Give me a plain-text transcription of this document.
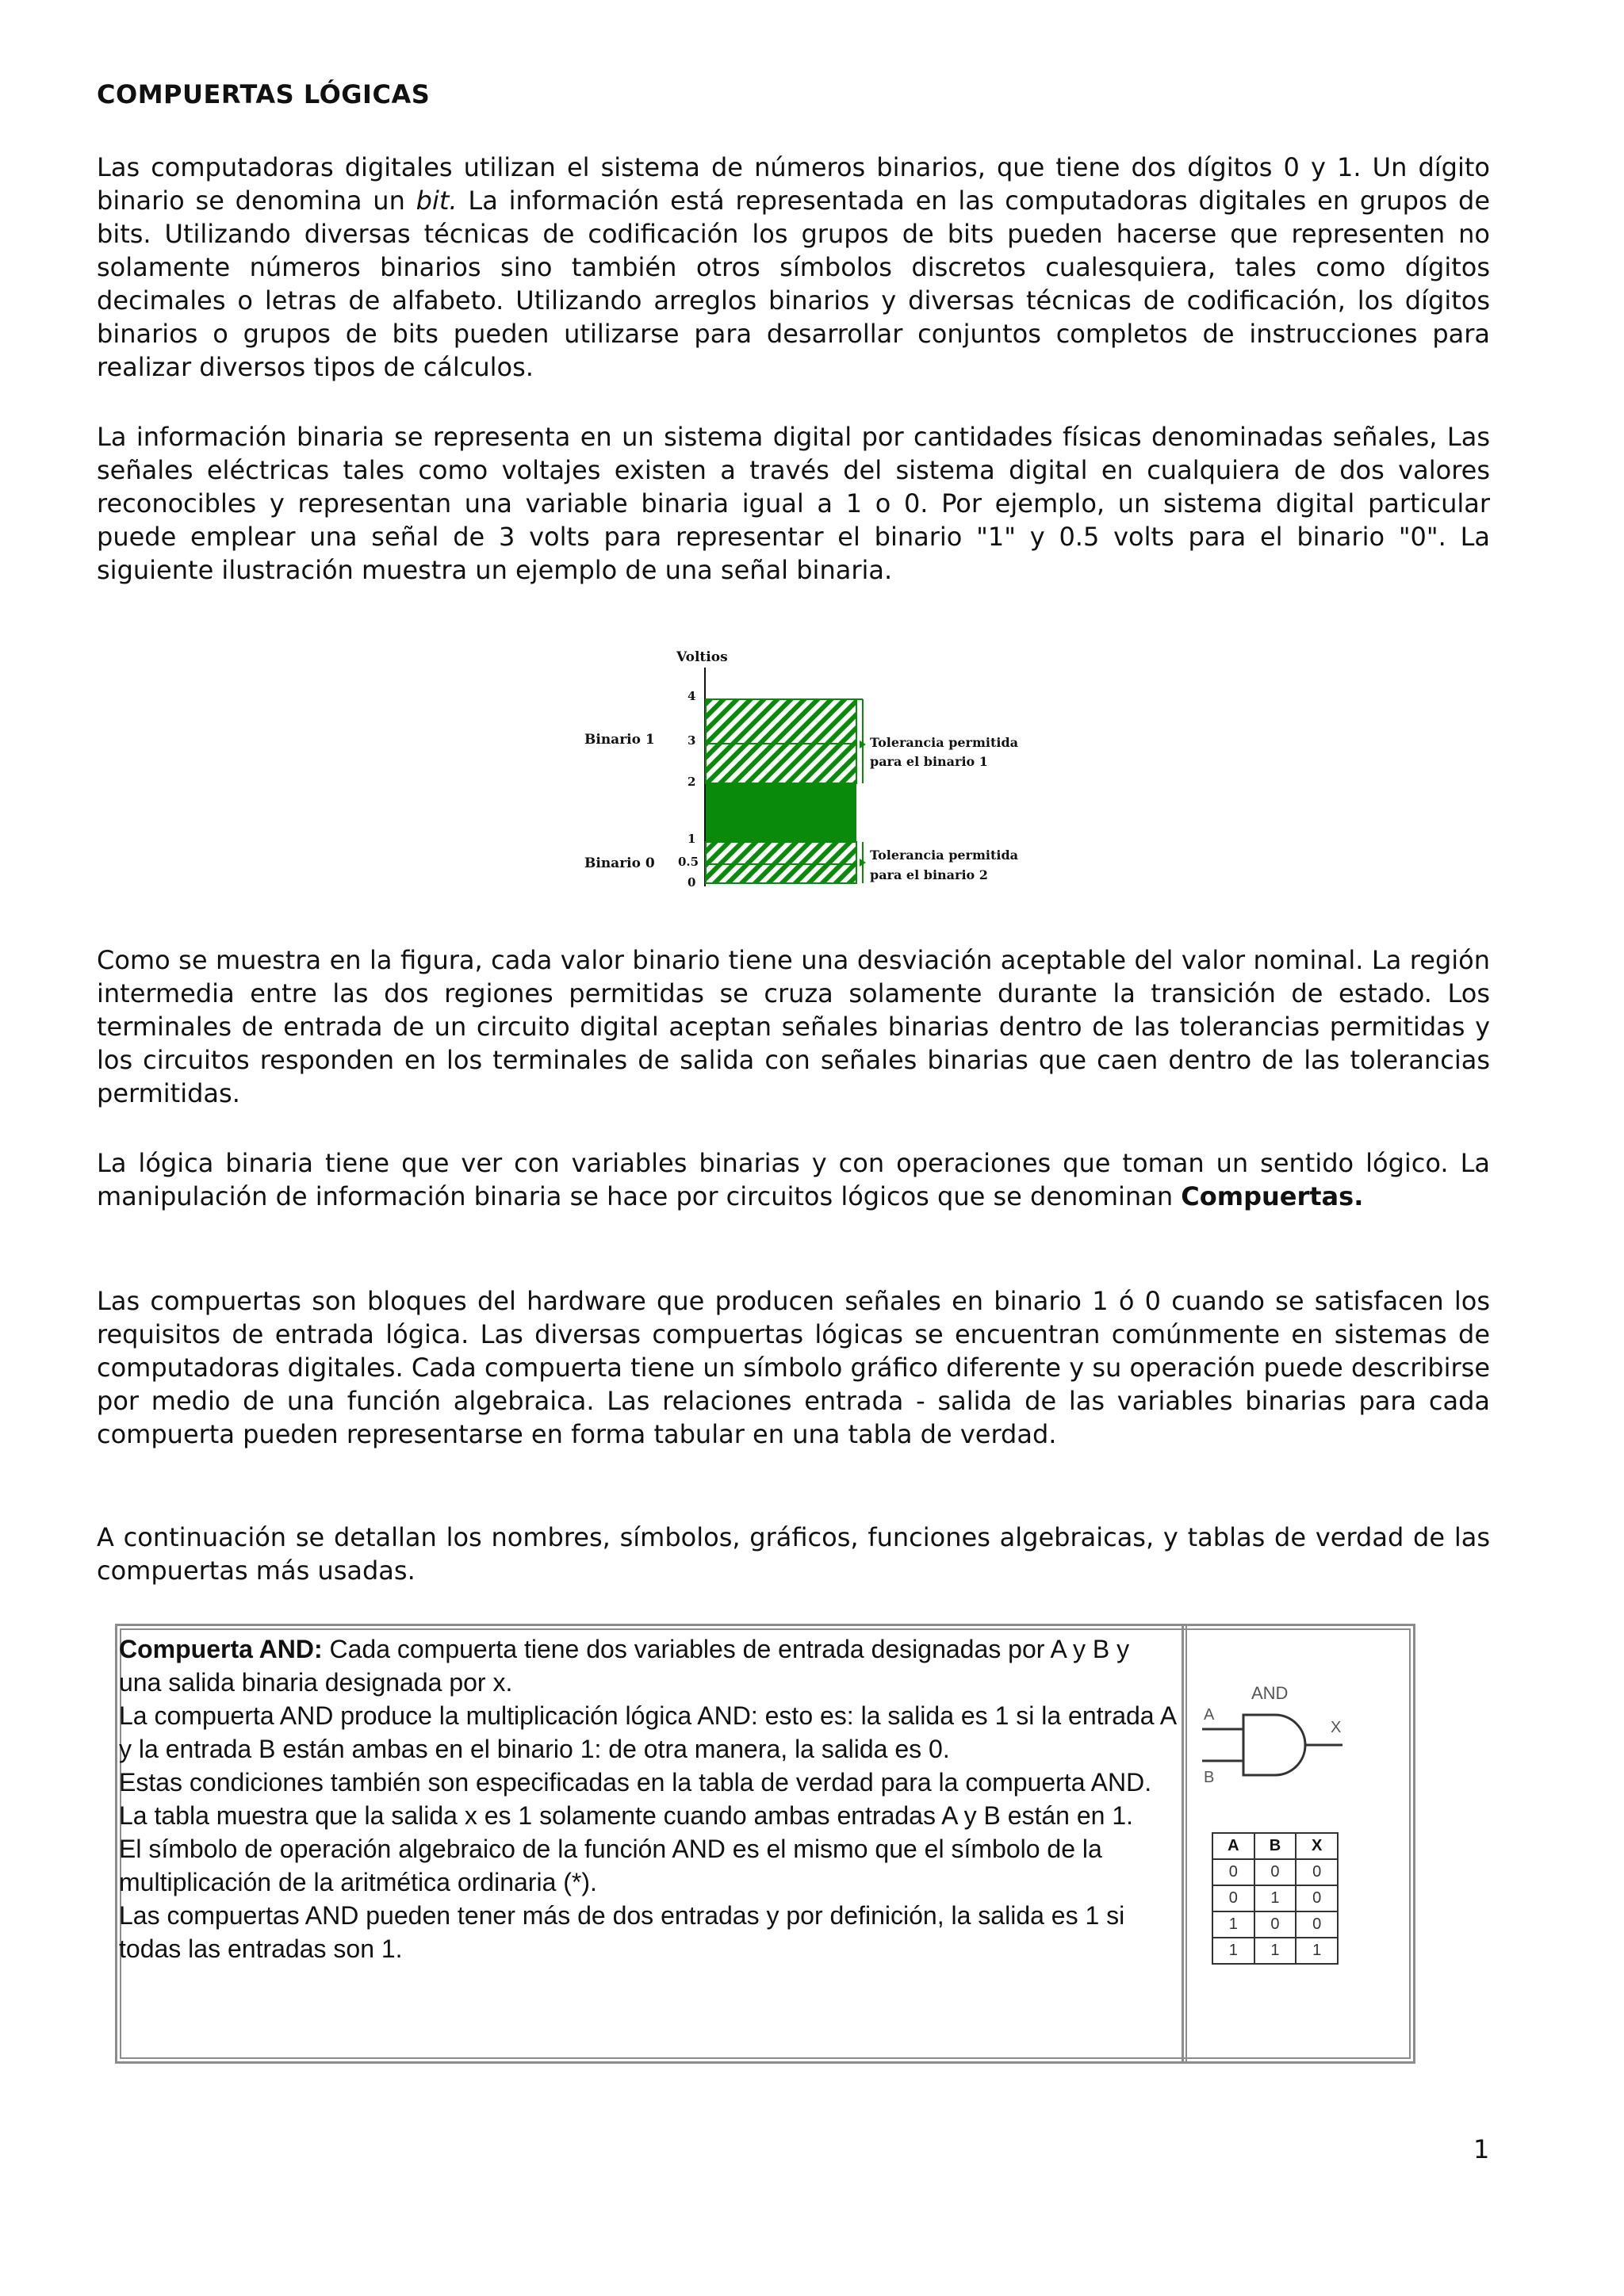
COMPUERTAS LÓGICAS

Las computadoras digitales utilizan el sistema de números binarios, que tiene dos dígitos 0 y 1. Un dígito binario se denomina un bit. La información está representada en las computadoras digitales en grupos de bits. Utilizando diversas técnicas de codificación los grupos de bits pueden hacerse que representen no solamente números binarios sino también otros símbolos discretos cualesquiera, tales como dígitos decimales o letras de alfabeto. Utilizando arreglos binarios y diversas técnicas de codificación, los dígitos binarios o grupos de bits pueden utilizarse para desarrollar conjuntos completos de instrucciones para realizar diversos tipos de cálculos.

La información binaria se representa en un sistema digital por cantidades físicas denominadas señales, Las señales eléctricas tales como voltajes existen a través del sistema digital en cualquiera de dos valores reconocibles y representan una variable binaria igual a 1 o 0. Por ejemplo, un sistema digital particular puede emplear una señal de 3 volts para representar el binario "1" y 0.5 volts para el binario "0". La siguiente ilustración muestra un ejemplo de una señal binaria.

Como se muestra en la figura, cada valor binario tiene una desviación aceptable del valor nominal. La región intermedia entre las dos regiones permitidas se cruza solamente durante la transición de estado. Los terminales de entrada de un circuito digital aceptan señales binarias dentro de las tolerancias permitidas y los circuitos responden en los terminales de salida con señales binarias que caen dentro de las tolerancias permitidas.

La lógica binaria tiene que ver con variables binarias y con operaciones que toman un sentido lógico. La manipulación de información binaria se hace por circuitos lógicos que se denominan Compuertas.

Las compuertas son bloques del hardware que producen señales en binario 1 ó 0 cuando se satisfacen los requisitos de entrada lógica. Las diversas compuertas lógicas se encuentran comúnmente en sistemas de computadoras digitales. Cada compuerta tiene un símbolo gráfico diferente y su operación puede describirse por medio de una función algebraica. Las relaciones entrada - salida de las variables binarias para cada compuerta pueden representarse en forma tabular en una tabla de verdad.

A continuación se detallan los nombres, símbolos, gráficos, funciones algebraicas, y tablas de verdad de las compuertas más usadas.

Voltios
4
3
2
1
0.5
0
Binario 1
Binario 0
Tolerancia permitida
para el binario 1
Tolerancia permitida
para el binario 2

Compuerta AND: Cada compuerta tiene dos variables de entrada designadas por A y B y una salida binaria designada por x.

La compuerta AND produce la multiplicación lógica AND: esto es: la salida es 1 si la entrada A y la entrada B están ambas en el binario 1: de otra manera, la salida es 0.

Estas condiciones también son especificadas en la tabla de verdad para la compuerta AND. La tabla muestra que la salida x es 1 solamente cuando ambas entradas A y B están en 1.

El símbolo de operación algebraico de la función AND es el mismo que el símbolo de la multiplicación de la aritmética ordinaria (*).

Las compuertas AND pueden tener más de dos entradas y por definición, la salida es 1 si todas las entradas son 1.

AND
A
B
X
A	B	X
0	0	0
0	1	0
1	0	0
1	1	1
1
